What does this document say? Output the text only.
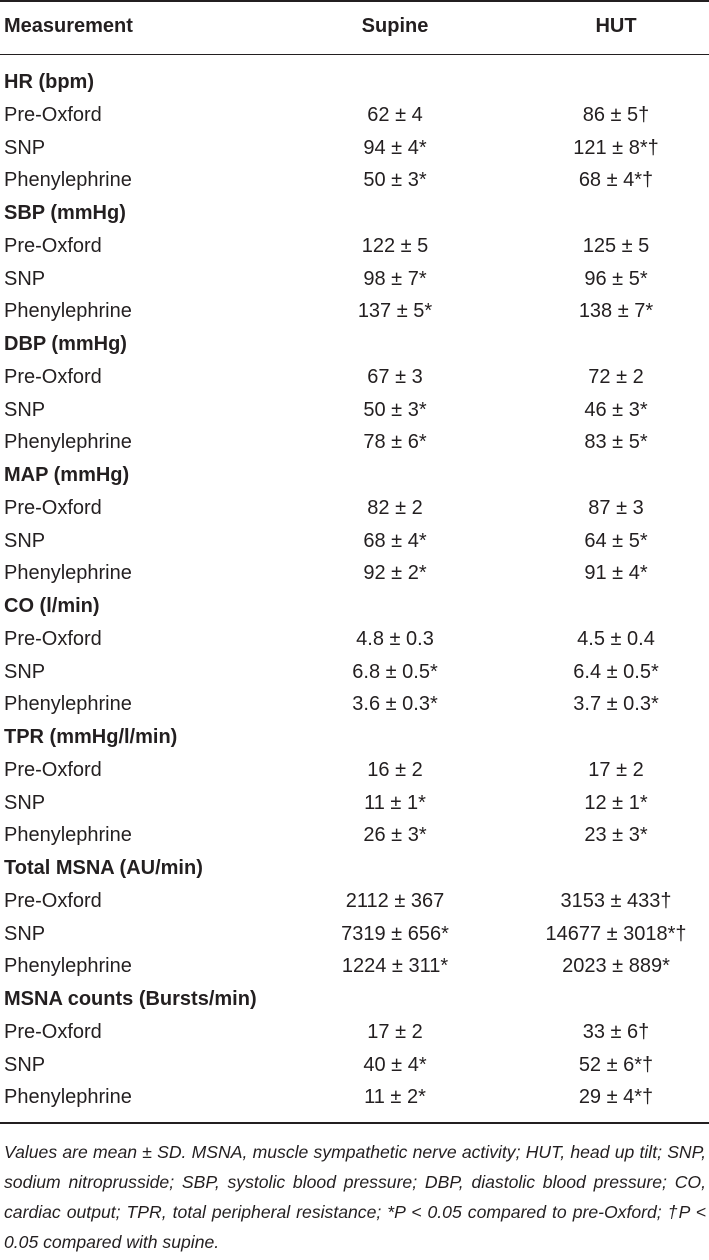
Measurement	Supine	HUT
HR (bpm)
Pre-Oxford	62 ± 4	86 ± 5†
SNP	94 ± 4*	121 ± 8*†
Phenylephrine	50 ± 3*	68 ± 4*†
SBP (mmHg)
Pre-Oxford	122 ± 5	125 ± 5
SNP	98 ± 7*	96 ± 5*
Phenylephrine	137 ± 5*	138 ± 7*
DBP (mmHg)
Pre-Oxford	67 ± 3	72 ± 2
SNP	50 ± 3*	46 ± 3*
Phenylephrine	78 ± 6*	83 ± 5*
MAP (mmHg)
Pre-Oxford	82 ± 2	87 ± 3
SNP	68 ± 4*	64 ± 5*
Phenylephrine	92 ± 2*	91 ± 4*
CO (l/min)
Pre-Oxford	4.8 ± 0.3	4.5 ± 0.4
SNP	6.8 ± 0.5*	6.4 ± 0.5*
Phenylephrine	3.6 ± 0.3*	3.7 ± 0.3*
TPR (mmHg/l/min)
Pre-Oxford	16 ± 2	17 ± 2
SNP	11 ± 1*	12 ± 1*
Phenylephrine	26 ± 3*	23 ± 3*
Total MSNA (AU/min)
Pre-Oxford	2112 ± 367	3153 ± 433†
SNP	7319 ± 656*	14677 ± 3018*†
Phenylephrine	1224 ± 311*	2023 ± 889*
MSNA counts (Bursts/min)
Pre-Oxford	17 ± 2	33 ± 6†
SNP	40 ± 4*	52 ± 6*†
Phenylephrine	11 ± 2*	29 ± 4*†
Values are mean ± SD. MSNA, muscle sympathetic nerve activity; HUT, head up tilt; SNP, sodium nitroprusside; SBP, systolic blood pressure; DBP, diastolic blood pressure; CO, cardiac output; TPR, total peripheral resistance; *P < 0.05 compared to pre-Oxford; †P < 0.05 compared with supine.
